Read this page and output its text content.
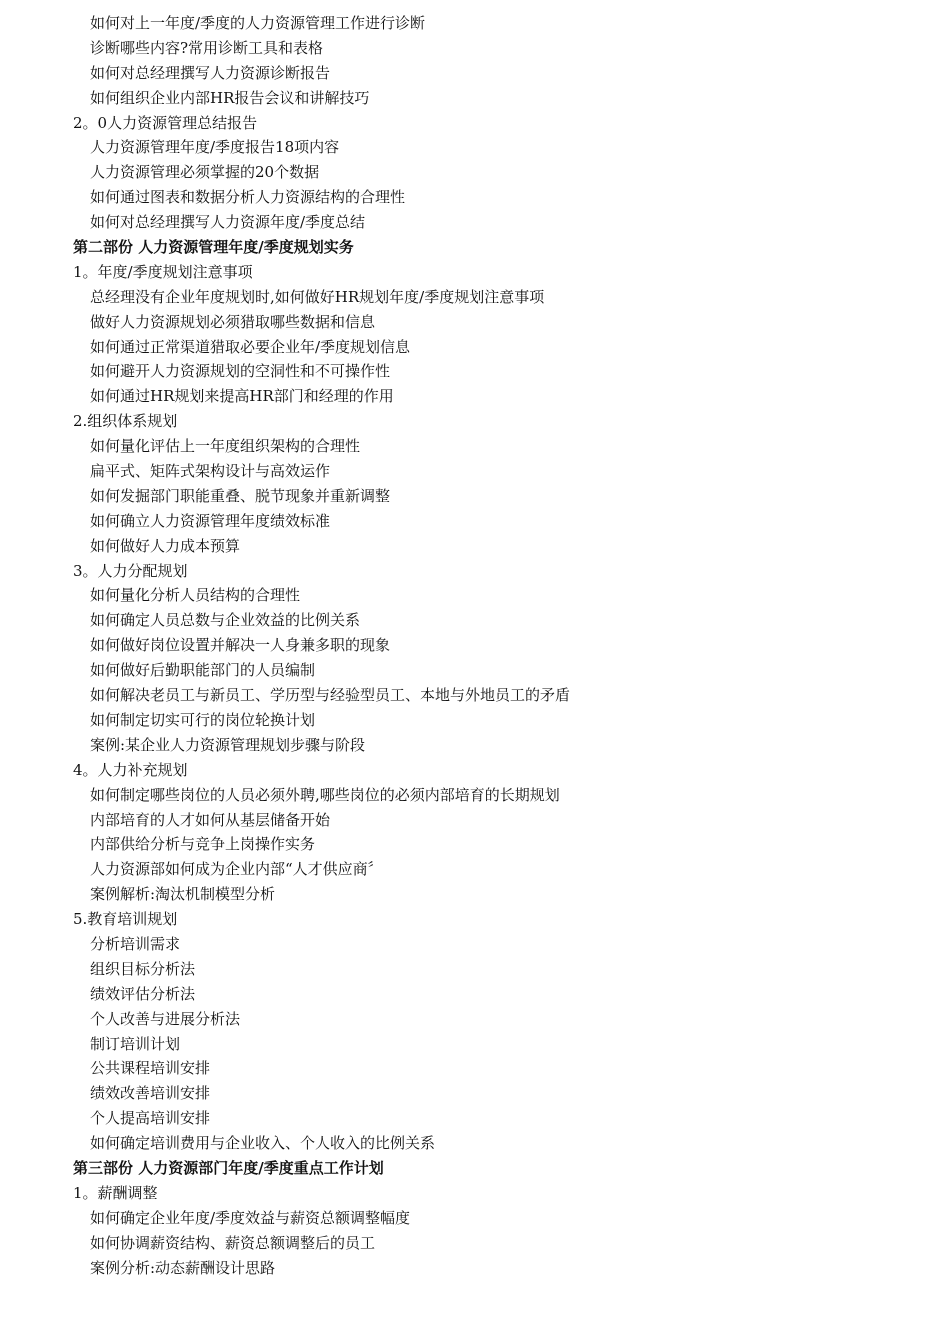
如何对上一年度/季度的人力资源管理工作进行诊断
诊断哪些内容?常用诊断工具和表格
如何对总经理撰写人力资源诊断报告
如何组织企业内部HR报告会议和讲解技巧
2。0人力资源管理总结报告
人力资源管理年度/季度报告18项内容
人力资源管理必须掌握的20个数据
如何通过图表和数据分析人力资源结构的合理性
如何对总经理撰写人力资源年度/季度总结
第二部份 人力资源管理年度/季度规划实务
1。年度/季度规划注意事项
总经理没有企业年度规划时,如何做好HR规划年度/季度规划注意事项
做好人力资源规划必须猎取哪些数据和信息
如何通过正常渠道猎取必要企业年/季度规划信息
如何避开人力资源规划的空洞性和不可操作性
如何通过HR规划来提高HR部门和经理的作用
2.组织体系规划
如何量化评估上一年度组织架构的合理性
扁平式、矩阵式架构设计与高效运作
如何发掘部门职能重叠、脱节现象并重新调整
如何确立人力资源管理年度绩效标准
如何做好人力成本预算
3。人力分配规划
如何量化分析人员结构的合理性
如何确定人员总数与企业效益的比例关系
如何做好岗位设置并解决一人身兼多职的现象
如何做好后勤职能部门的人员编制
如何解决老员工与新员工、学历型与经验型员工、本地与外地员工的矛盾
如何制定切实可行的岗位轮换计划
案例:某企业人力资源管理规划步骤与阶段
4。人力补充规划
如何制定哪些岗位的人员必须外聘,哪些岗位的必须内部培育的长期规划
内部培育的人才如何从基层储备开始
内部供给分析与竞争上岗操作实务
人力资源部如何成为企业内部“人才供应商〞
案例解析:淘汰机制模型分析
5.教育培训规划
分析培训需求
组织目标分析法
绩效评估分析法
个人改善与进展分析法
制订培训计划
公共课程培训安排
绩效改善培训安排
个人提高培训安排
如何确定培训费用与企业收入、个人收入的比例关系
第三部份 人力资源部门年度/季度重点工作计划
1。薪酬调整
如何确定企业年度/季度效益与薪资总额调整幅度
如何协调薪资结构、薪资总额调整后的员工
案例分析:动态薪酬设计思路
